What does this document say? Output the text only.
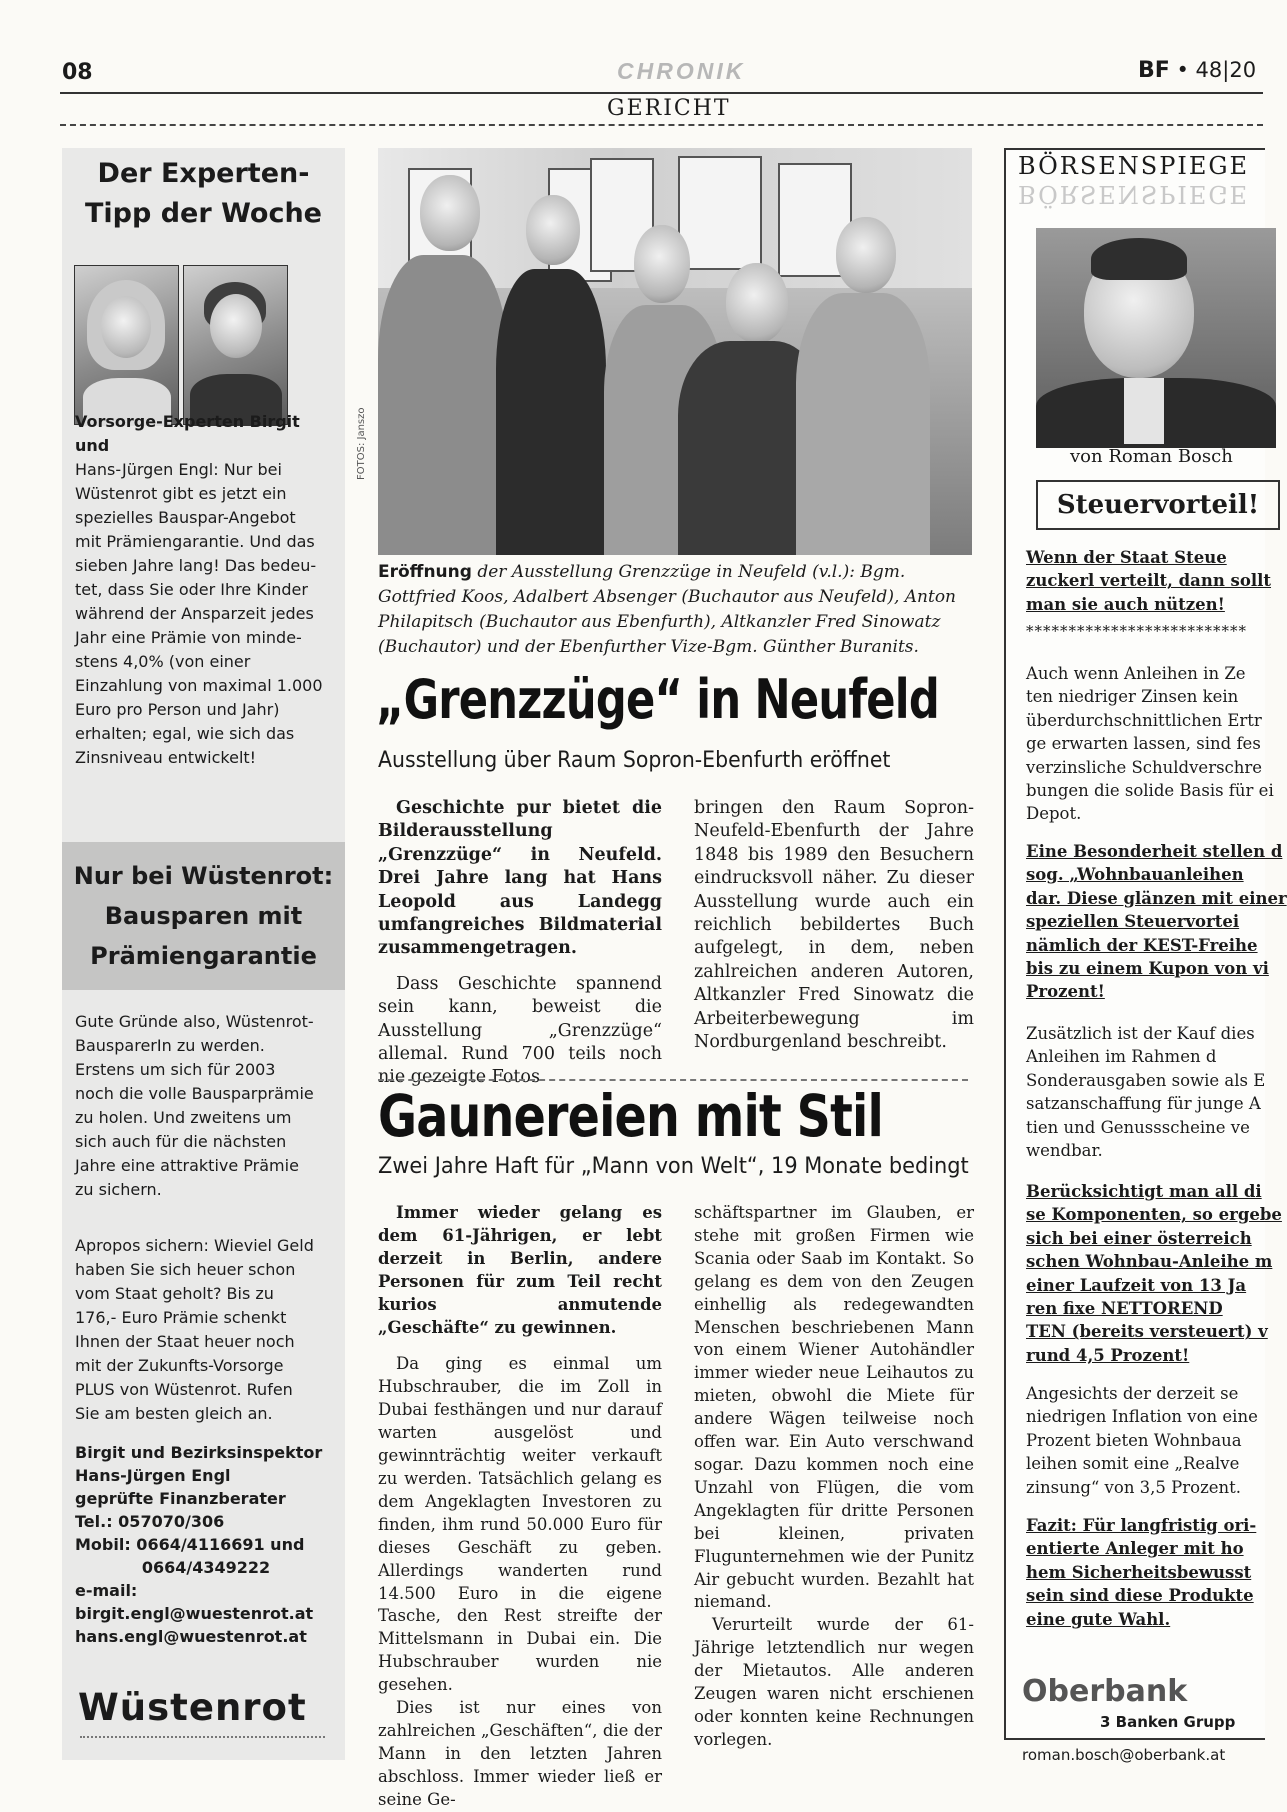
08	CHRONIK	BF • 48|20
GERICHT
Der Experten-
Tipp der Woche
Vorsorge-Experten Birgit und
Hans-Jürgen Engl: Nur bei
Wüstenrot gibt es jetzt ein
spezielles Bauspar-Angebot
mit Prämiengarantie. Und das
sieben Jahre lang! Das bedeu-
tet, dass Sie oder Ihre Kinder
während der Ansparzeit jedes
Jahr eine Prämie von minde-
stens 4,0% (von einer
Einzahlung von maximal 1.000
Euro pro Person und Jahr)
erhalten; egal, wie sich das
Zinsniveau entwickelt!
Nur bei Wüstenrot:
Bausparen mit
Prämiengarantie
Gute Gründe also, Wüstenrot-
BausparerIn zu werden.
Erstens um sich für 2003
noch die volle Bausparprämie
zu holen. Und zweitens um
sich auch für die nächsten
Jahre eine attraktive Prämie
zu sichern.
Apropos sichern: Wieviel Geld
haben Sie sich heuer schon
vom Staat geholt? Bis zu
176,- Euro Prämie schenkt
Ihnen der Staat heuer noch
mit der Zukunfts-Vorsorge
PLUS von Wüstenrot. Rufen
Sie am besten gleich an.
Birgit und Bezirksinspektor
Hans-Jürgen Engl
geprüfte Finanzberater
Tel.: 057070/306
Mobil: 0664/4116691 und
0664/4349222
e-mail:
birgit.engl@wuestenrot.at
hans.engl@wuestenrot.at
Wüstenrot
FOTOS: Janszo
Eröffnung der Ausstellung Grenzzüge in Neufeld (v.l.): Bgm. Gottfried Koos, Adalbert Absenger (Buchautor aus Neufeld), Anton Philapitsch (Buchautor aus Ebenfurth), Altkanzler Fred Sinowatz (Buchautor) und der Ebenfurther Vize-Bgm. Günther Buranits.
„Grenzzüge“ in Neufeld
Ausstellung über Raum Sopron-Ebenfurth eröffnet

Geschichte pur bietet die Bilderausstellung „Grenzzüge“ in Neufeld. Drei Jahre lang hat Hans Leopold aus Landegg umfangreiches Bildmaterial zusammengetragen.

Dass Geschichte spannend sein kann, beweist die Ausstellung „Grenzzüge“ allemal. Rund 700 teils noch nie gezeigte Fotos

bringen den Raum Sopron-Neufeld-Ebenfurth der Jahre 1848 bis 1989 den Besuchern eindrucksvoll näher. Zu dieser Ausstellung wurde auch ein reichlich bebildertes Buch aufgelegt, in dem, neben zahlreichen anderen Autoren, Altkanzler Fred Sinowatz die Arbeiterbewegung im Nordburgenland beschreibt.

Gaunereien mit Stil
Zwei Jahre Haft für „Mann von Welt“, 19 Monate bedingt

Immer wieder gelang es dem 61-Jährigen, er lebt derzeit in Berlin, andere Personen für zum Teil recht kurios anmutende „Geschäfte“ zu gewinnen.

Da ging es einmal um Hubschrauber, die im Zoll in Dubai festhängen und nur darauf warten ausgelöst und gewinnträchtig weiter verkauft zu werden. Tatsächlich gelang es dem Angeklagten Investoren zu finden, ihm rund 50.000 Euro für dieses Geschäft zu geben. Allerdings wanderten rund 14.500 Euro in die eigene Tasche, den Rest streifte der Mittelsmann in Dubai ein. Die Hubschrauber wurden nie gesehen.

Dies ist nur eines von zahlreichen „Geschäften“, die der Mann in den letzten Jahren abschloss. Immer wieder ließ er seine Ge-

schäftspartner im Glauben, er stehe mit großen Firmen wie Scania oder Saab im Kontakt. So gelang es dem von den Zeugen einhellig als redegewandten Menschen beschriebenen Mann von einem Wiener Autohändler immer wieder neue Leihautos zu mieten, obwohl die Miete für andere Wägen teilweise noch offen war. Ein Auto verschwand sogar. Dazu kommen noch eine Unzahl von Flügen, die vom Angeklagten für dritte Personen bei kleinen, privaten Flugunternehmen wie der Punitz Air gebucht wurden. Bezahlt hat niemand.

Verurteilt wurde der 61-Jährige letztendlich nur wegen der Mietautos. Alle anderen Zeugen waren nicht erschienen oder konnten keine Rechnungen vorlegen.

BÖRSENSPIEGE
BÖRSENSPIEGE
von Roman Bosch
Steuervorteil!
Wenn der Staat Steue
zuckerl verteilt, dann sollt
man sie auch nützen!
**************************
Auch wenn Anleihen in Ze
ten niedriger Zinsen kein
überdurchschnittlichen Ertr
ge erwarten lassen, sind fes
verzinsliche Schuldverschre
bungen die solide Basis für ei
Depot.
Eine Besonderheit stellen d
sog. „Wohnbauanleihen
dar. Diese glänzen mit einer
speziellen Steuervortei
nämlich der KEST-Freihe
bis zu einem Kupon von vi
Prozent!
Zusätzlich ist der Kauf dies
Anleihen im Rahmen d
Sonderausgaben sowie als E
satzanschaffung für junge A
tien und Genussscheine ve
wendbar.
Berücksichtigt man all di
se Komponenten, so ergebe
sich bei einer österreich
schen Wohnbau-Anleihe m
einer Laufzeit von 13 Ja
ren fixe NETTOREND
TEN (bereits versteuert) v
rund 4,5 Prozent!
Angesichts der derzeit se
niedrigen Inflation von eine
Prozent bieten Wohnbaua
leihen somit eine „Realve
zinsung“ von 3,5 Prozent.
Fazit: Für langfristig ori-
entierte Anleger mit ho
hem Sicherheitsbewusst
sein sind diese Produkte
eine gute Wahl.
Oberbank
3 Banken Grupp
roman.bosch@oberbank.at
